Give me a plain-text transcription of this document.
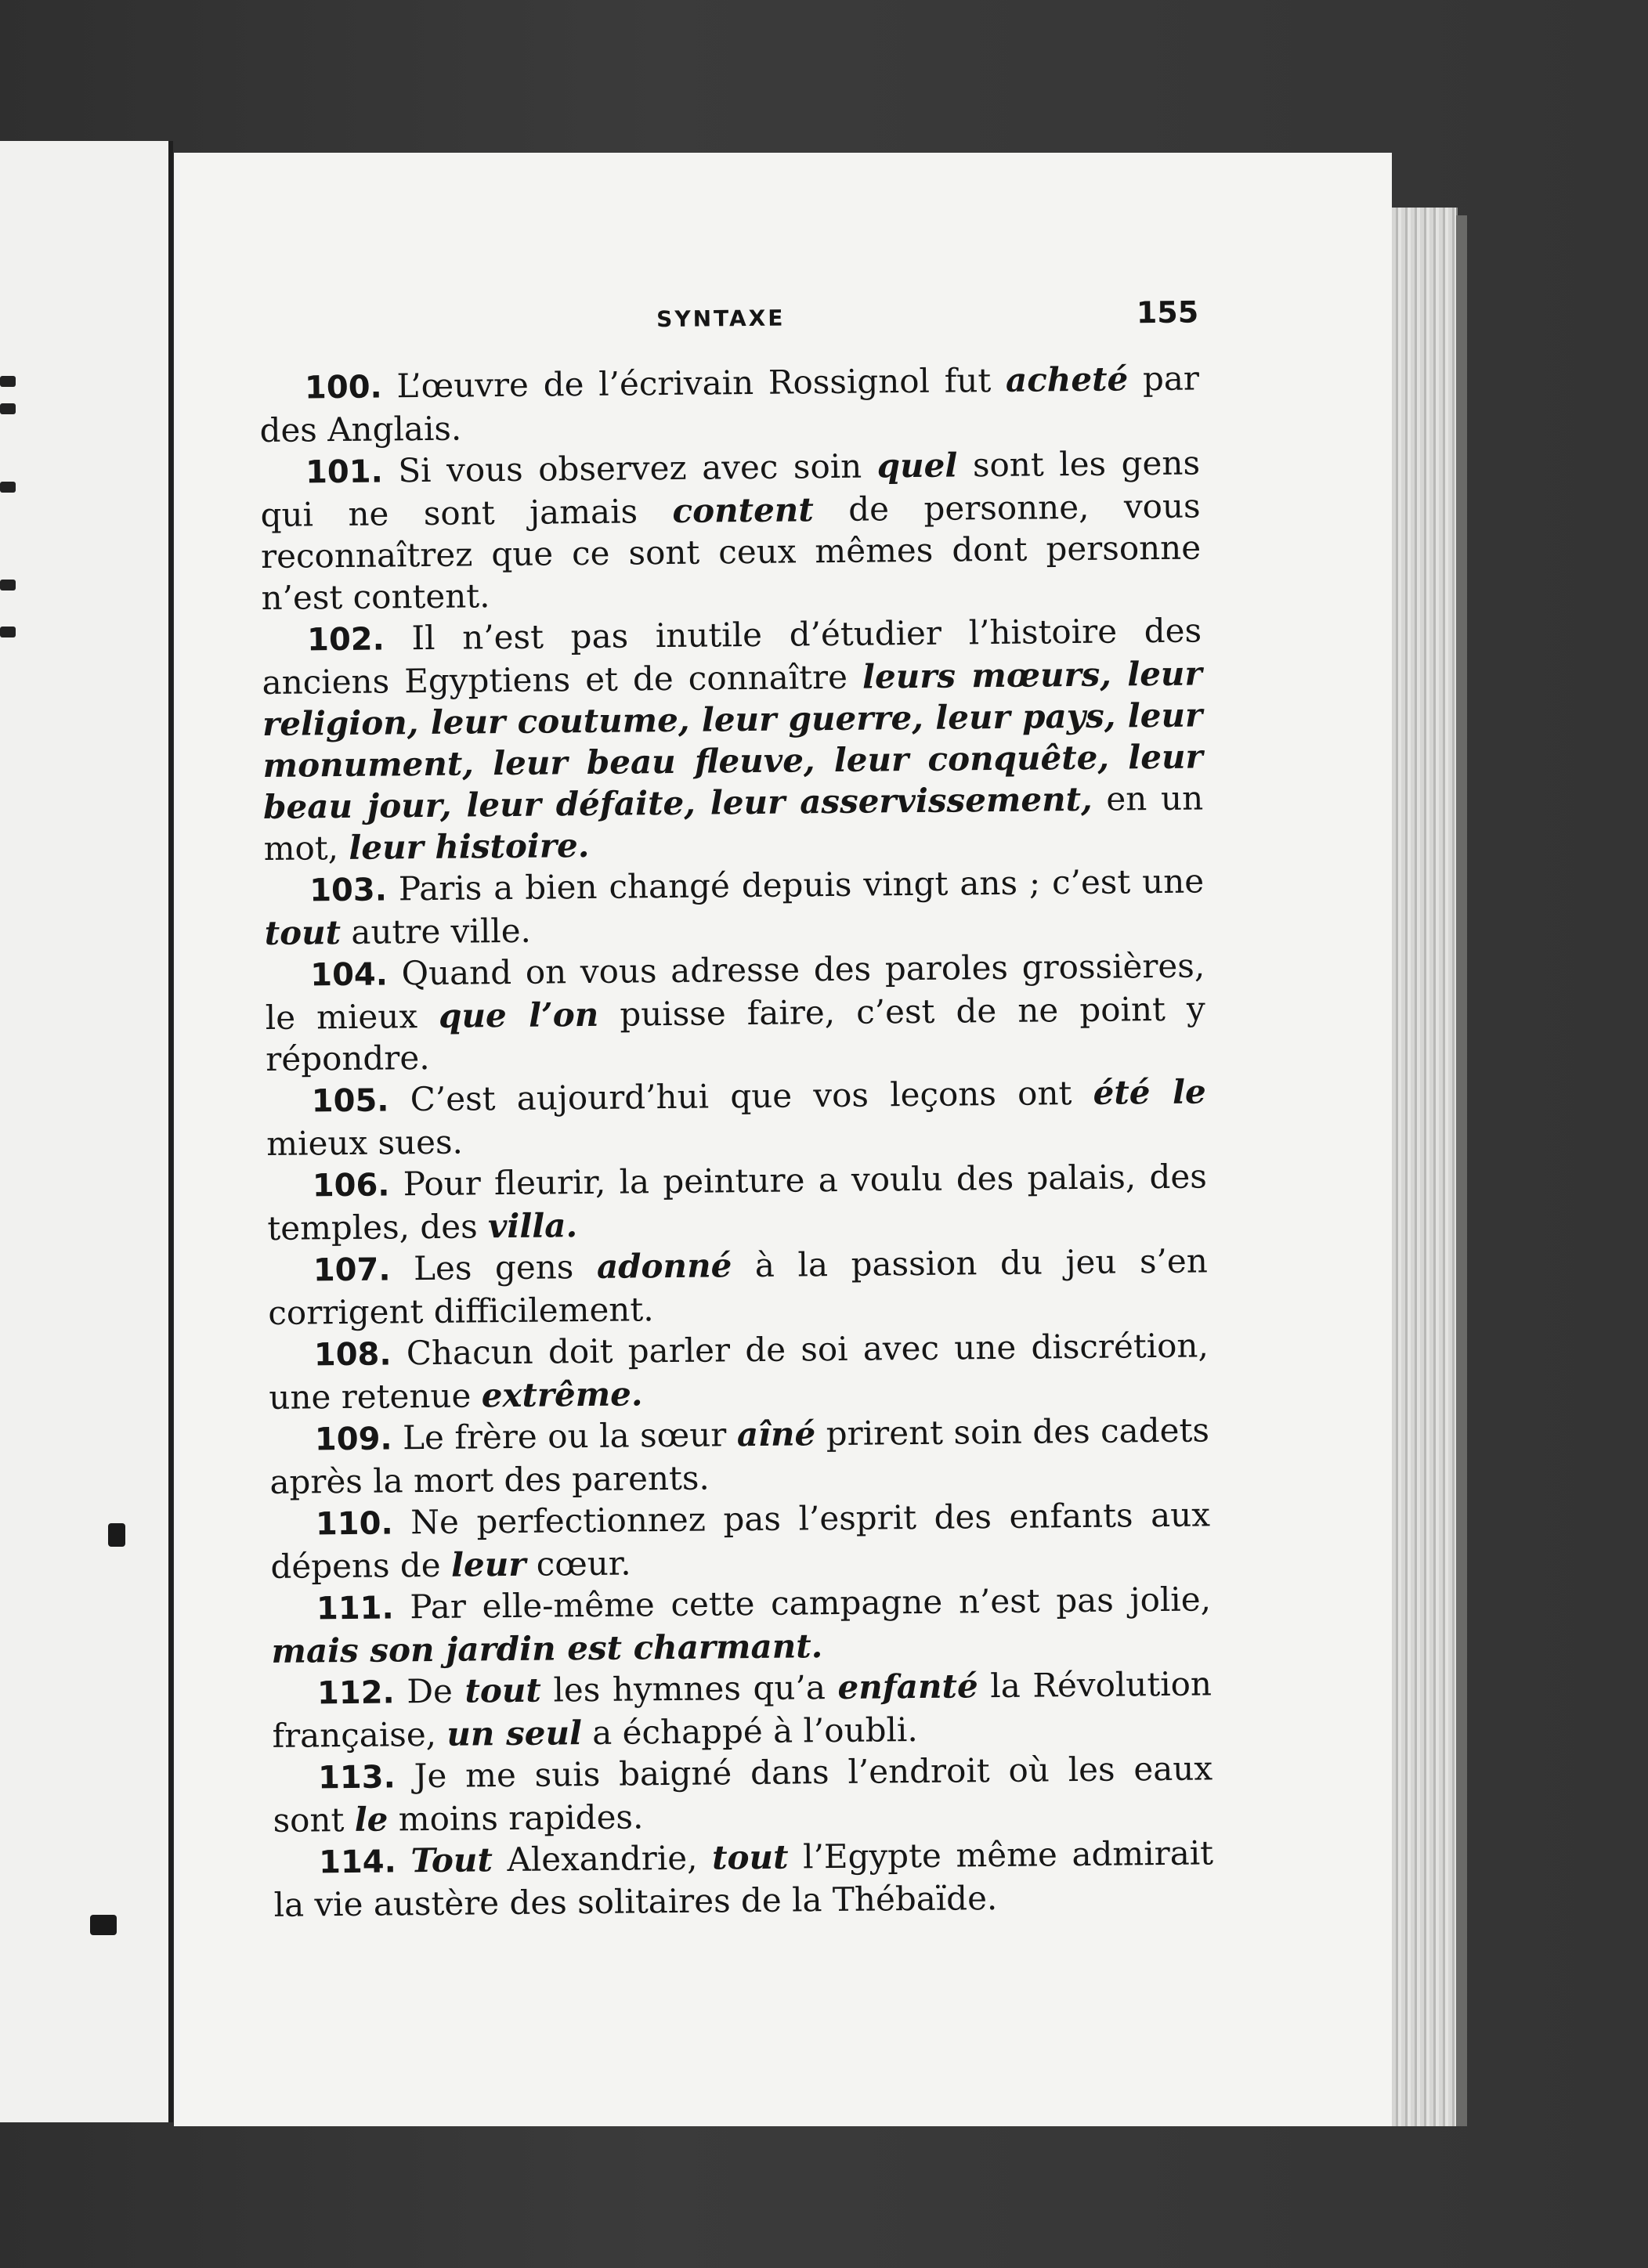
SYNTAXE	155

100. L’œuvre de l’écrivain Rossignol fut acheté par des Anglais.

101. Si vous observez avec soin quel sont les gens qui ne sont jamais content de personne, vous reconnaîtrez que ce sont ceux mêmes dont personne n’est content.

102. Il n’est pas inutile d’étudier l’histoire des anciens Egyptiens et de connaître leurs mœurs, leur religion, leur coutume, leur guerre, leur pays, leur monument, leur beau fleuve, leur conquête, leur beau jour, leur défaite, leur asservissement, en un mot, leur histoire.

103. Paris a bien changé depuis vingt ans ; c’est une tout autre ville.

104. Quand on vous adresse des paroles grossières, le mieux que l’on puisse faire, c’est de ne point y répondre.

105. C’est aujourd’hui que vos leçons ont été le mieux sues.

106. Pour fleurir, la peinture a voulu des palais, des temples, des villa.

107. Les gens adonné à la passion du jeu s’en corrigent difficilement.

108. Chacun doit parler de soi avec une discrétion, une retenue extrême.

109. Le frère ou la sœur aîné prirent soin des cadets après la mort des parents.

110. Ne perfectionnez pas l’esprit des enfants aux dépens de leur cœur.

111. Par elle-même cette campagne n’est pas jolie, mais son jardin est charmant.

112. De tout les hymnes qu’a enfanté la Révolution française, un seul a échappé à l’oubli.

113. Je me suis baigné dans l’endroit où les eaux sont le moins rapides.

114. Tout Alexandrie, tout l’Egypte même admirait la vie austère des solitaires de la Thébaïde.
